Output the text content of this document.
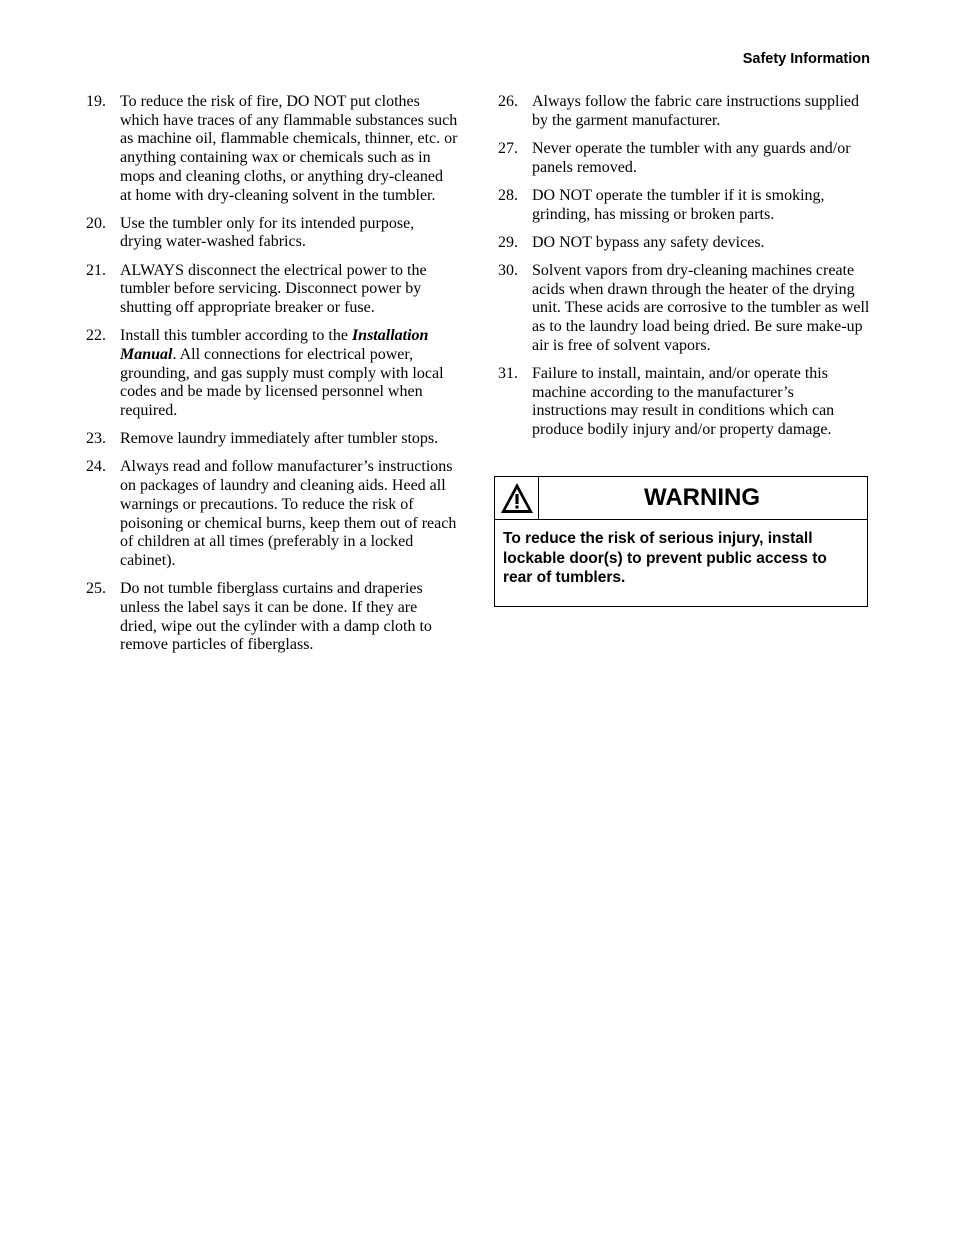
Safety Information
19. To reduce the risk of fire, DO NOT put clothes which have traces of any flammable substances such as machine oil, flammable chemicals, thinner, etc. or anything containing wax or chemicals such as in mops and cleaning cloths, or anything dry-cleaned at home with dry-cleaning solvent in the tumbler.
20. Use the tumbler only for its intended purpose, drying water-washed fabrics.
21. ALWAYS disconnect the electrical power to the tumbler before servicing. Disconnect power by shutting off appropriate breaker or fuse.
22. Install this tumbler according to the Installation Manual. All connections for electrical power, grounding, and gas supply must comply with local codes and be made by licensed personnel when required.
23. Remove laundry immediately after tumbler stops.
24. Always read and follow manufacturer’s instructions on packages of laundry and cleaning aids. Heed all warnings or precautions. To reduce the risk of poisoning or chemical burns, keep them out of reach of children at all times (preferably in a locked cabinet).
25. Do not tumble fiberglass curtains and draperies unless the label says it can be done. If they are dried, wipe out the cylinder with a damp cloth to remove particles of fiberglass.
26. Always follow the fabric care instructions supplied by the garment manufacturer.
27. Never operate the tumbler with any guards and/or panels removed.
28. DO NOT operate the tumbler if it is smoking, grinding, has missing or broken parts.
29. DO NOT bypass any safety devices.
30. Solvent vapors from dry-cleaning machines create acids when drawn through the heater of the drying unit. These acids are corrosive to the tumbler as well as to the laundry load being dried. Be sure make-up air is free of solvent vapors.
31. Failure to install, maintain, and/or operate this machine according to the manufacturer’s instructions may result in conditions which can produce bodily injury and/or property damage.
WARNING
To reduce the risk of serious injury, install lockable door(s) to prevent public access to rear of tumblers.
